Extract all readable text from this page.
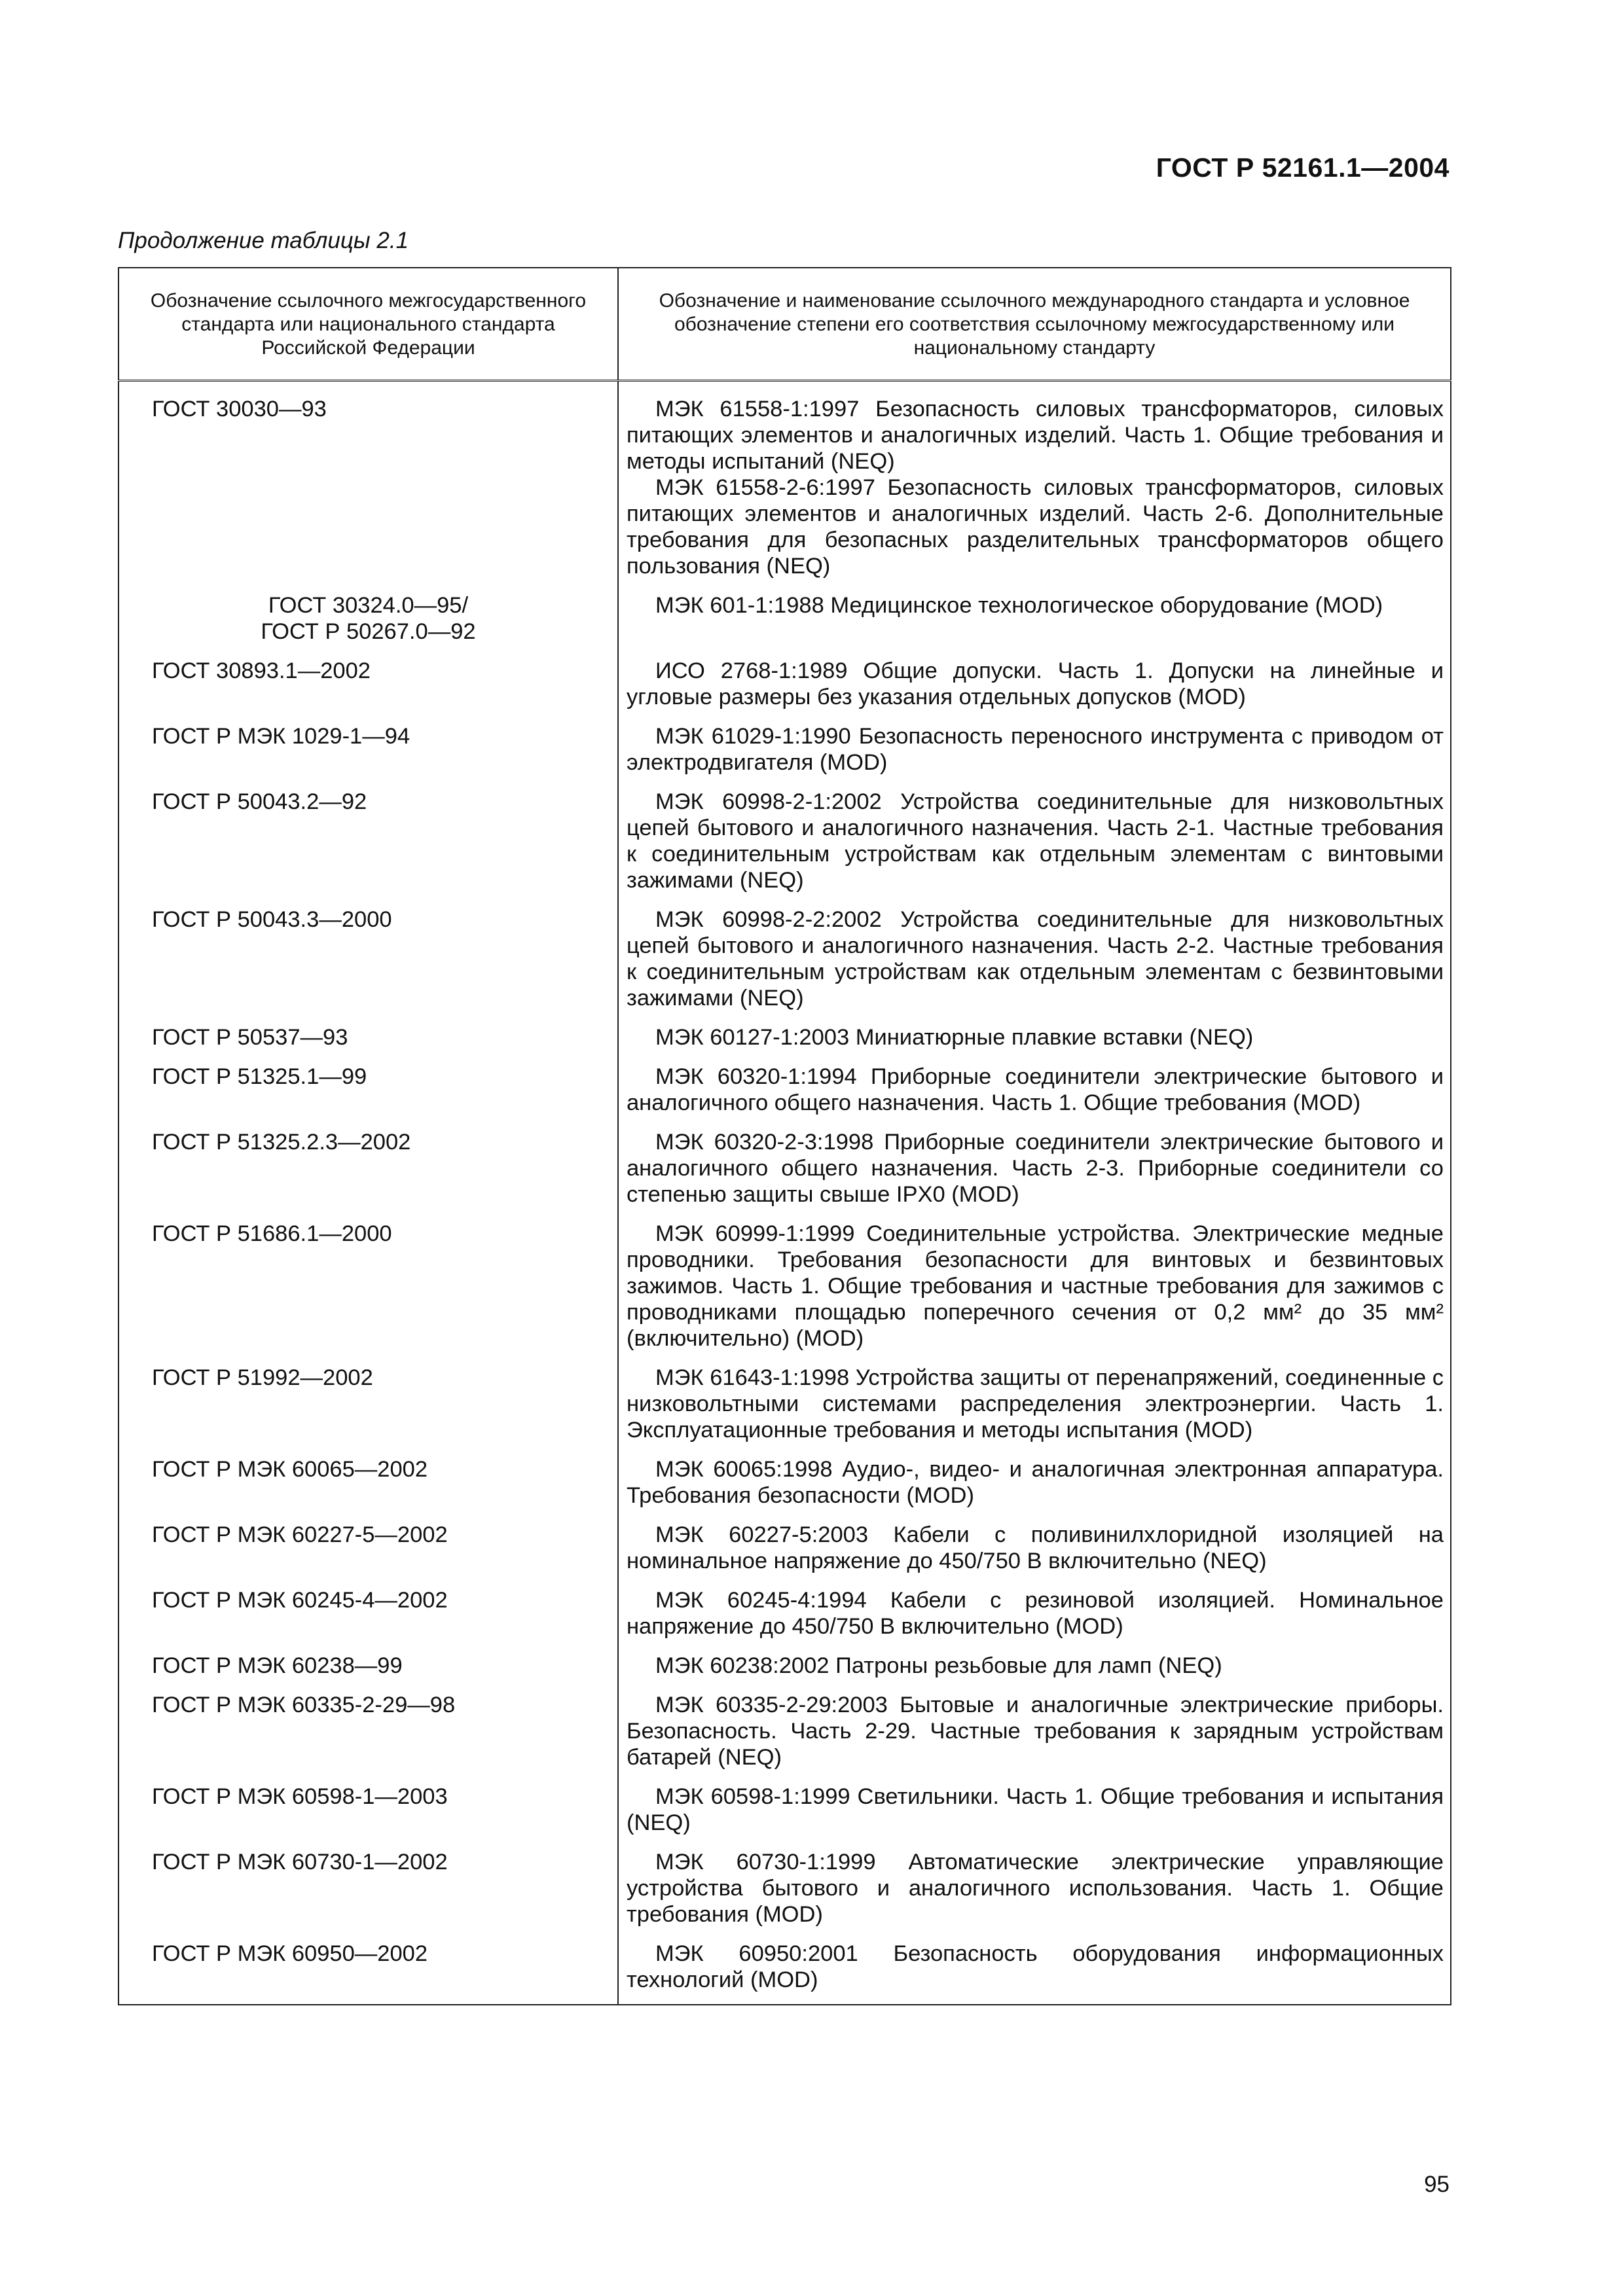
ГОСТ Р 52161.1—2004
Продолжение таблицы 2.1
Обозначение ссылочного межгосударственного стандарта или национального стандарта Российской Федерации	Обозначение и наименование ссылочного международного стандарта и условное обозначение степени его соответствия ссылочному межгосударственному или национальному стандарту
ГОСТ 30030—93	МЭК 61558-1:1997 Безопасность силовых трансформаторов, силовых питающих элементов и аналогичных изделий. Часть 1. Общие требования и методы испытаний (NEQ)
МЭК 61558-2-6:1997 Безопасность силовых трансформаторов, силовых питающих элементов и аналогичных изделий. Часть 2-6. Дополнительные требования для безопасных разделительных трансформаторов общего пользования (NEQ)

ГОСТ 30324.0—95/
ГОСТ Р 50267.0—92	МЭК 601-1:1988 Медицинское технологическое оборудование (MOD)

ГОСТ 30893.1—2002	ИСО 2768-1:1989 Общие допуски. Часть 1. Допуски на линейные и угловые размеры без указания отдельных допусков (MOD)

ГОСТ Р МЭК 1029-1—94	МЭК 61029-1:1990 Безопасность переносного инструмента с приводом от электродвигателя (MOD)

ГОСТ Р 50043.2—92	МЭК 60998-2-1:2002 Устройства соединительные для низковольтных цепей бытового и аналогичного назначения. Часть 2-1. Частные требования к соединительным устройствам как отдельным элементам с винтовыми зажимами (NEQ)

ГОСТ Р 50043.3—2000	МЭК 60998-2-2:2002 Устройства соединительные для низковольтных цепей бытового и аналогичного назначения. Часть 2-2. Частные требования к соединительным устройствам как отдельным элементам с безвинтовыми зажимами (NEQ)

ГОСТ Р 50537—93	МЭК 60127-1:2003 Миниатюрные плавкие вставки (NEQ)

ГОСТ Р 51325.1—99	МЭК 60320-1:1994 Приборные соединители электрические бытового и аналогичного общего назначения. Часть 1. Общие требования (MOD)

ГОСТ Р 51325.2.3—2002	МЭК 60320-2-3:1998 Приборные соединители электрические бытового и аналогичного общего назначения. Часть 2-3. Приборные соединители со степенью защиты свыше IPX0 (MOD)

ГОСТ Р 51686.1—2000	МЭК 60999-1:1999 Соединительные устройства. Электрические медные проводники. Требования безопасности для винтовых и безвинтовых зажимов. Часть 1. Общие требования и частные требования для зажимов с проводниками площадью поперечного сечения от 0,2 мм² до 35 мм² (включительно) (MOD)

ГОСТ Р 51992—2002	МЭК 61643-1:1998 Устройства защиты от перенапряжений, соединенные с низковольтными системами распределения электроэнергии. Часть 1. Эксплуатационные требования и методы испытания (MOD)

ГОСТ Р МЭК 60065—2002	МЭК 60065:1998 Аудио-, видео- и аналогичная электронная аппаратура. Требования безопасности (MOD)

ГОСТ Р МЭК 60227-5—2002	МЭК 60227-5:2003 Кабели с поливинилхлоридной изоляцией на номинальное напряжение до 450/750 В включительно (NEQ)

ГОСТ Р МЭК 60245-4—2002	МЭК 60245-4:1994 Кабели с резиновой изоляцией. Номинальное напряжение до 450/750 В включительно (MOD)

ГОСТ Р МЭК 60238—99	МЭК 60238:2002 Патроны резьбовые для ламп (NEQ)

ГОСТ Р МЭК 60335-2-29—98	МЭК 60335-2-29:2003 Бытовые и аналогичные электрические приборы. Безопасность. Часть 2-29. Частные требования к зарядным устройствам батарей (NEQ)

ГОСТ Р МЭК 60598-1—2003	МЭК 60598-1:1999 Светильники. Часть 1. Общие требования и испытания (NEQ)

ГОСТ Р МЭК 60730-1—2002	МЭК 60730-1:1999 Автоматические электрические управляющие устройства бытового и аналогичного использования. Часть 1. Общие требования (MOD)

ГОСТ Р МЭК 60950—2002	МЭК 60950:2001 Безопасность оборудования информационных технологий (MOD)
95
